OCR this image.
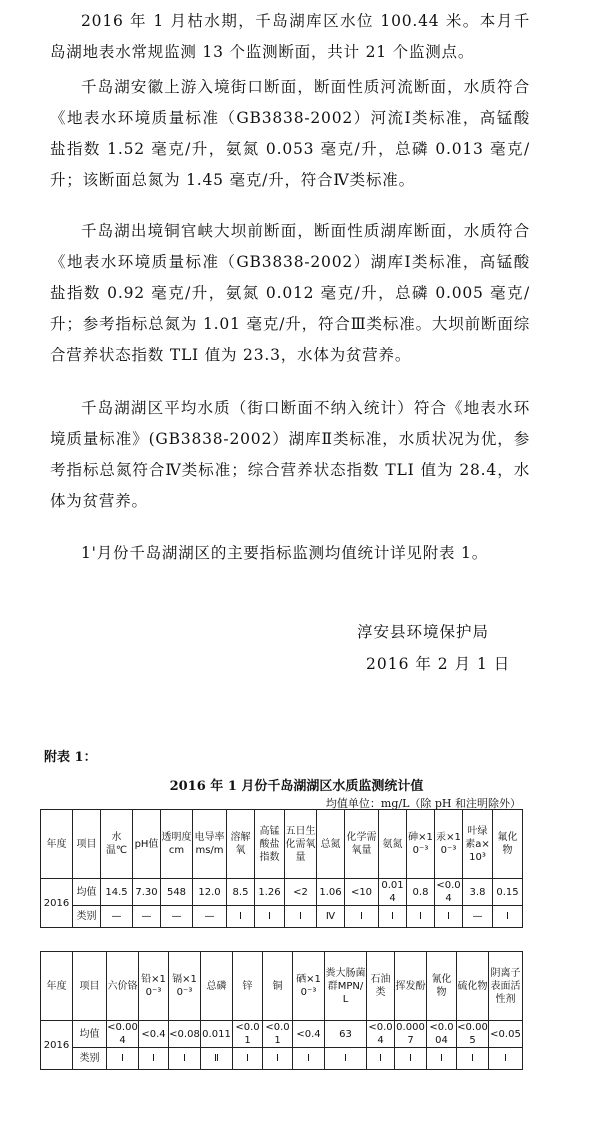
2016 年 1 月枯水期，千岛湖库区水位 100.44 米。本月千岛湖地表水常规监测 13 个监测断面，共计 21 个监测点。

千岛湖安徽上游入境街口断面，断面性质河流断面，水质符合《地表水环境质量标准（GB3838-2002）河流Ⅰ类标准，高锰酸盐指数 1.52 毫克/升，氨氮 0.053 毫克/升，总磷 0.013 毫克/升；该断面总氮为 1.45 毫克/升，符合Ⅳ类标准。

千岛湖出境铜官峡大坝前断面，断面性质湖库断面，水质符合《地表水环境质量标准（GB3838-2002）湖库Ⅰ类标准，高锰酸盐指数 0.92 毫克/升，氨氮 0.012 毫克/升，总磷 0.005 毫克/升；参考指标总氮为 1.01 毫克/升，符合Ⅲ类标准。大坝前断面综合营养状态指数 TLI 值为 23.3，水体为贫营养。

千岛湖湖区平均水质（街口断面不纳入统计）符合《地表水环境质量标准》(GB3838-2002）湖库Ⅱ类标准，水质状况为优，参考指标总氮符合Ⅳ类标准；综合营养状态指数 TLI 值为 28.4，水体为贫营养。

1'月份千岛湖湖区的主要指标监测均值统计详见附表 1。

淳安县环境保护局
2016 年 2 月 1 日
附表 1：
2016 年 1 月份千岛湖湖区水质监测统计值
均值单位：mg/L（除 pH 和注明除外）
年度	项目	水温℃	pH值	透明度cm	电导率ms/m	溶解氧	高锰酸盐指数	五日生化需氧量	总氮	化学需氧量	氨氮	砷×10⁻³	汞×10⁻³	叶绿素a×10³	氟化物
2016	均值	14.5	7.30	548	12.0	8.5	1.26	<2	1.06	<10	0.014	0.8	<0.04	3.8	0.15
	类别	—	—	—	—	Ⅰ	Ⅰ	Ⅰ	Ⅳ	Ⅰ	Ⅰ	Ⅰ	Ⅰ	—	Ⅰ
年度	项目	六价铬	铅×10⁻³	镉×10⁻³	总磷	锌	铜	硒×10⁻³	粪大肠菌群MPN/L	石油类	挥发酚	氰化物	硫化物	阴离子表面活性剂
2016	均值	<0.004	<0.4	<0.08	0.011	<0.01	<0.01	<0.4	63	<0.04	0.0007	<0.004	<0.005	<0.05
	类别	Ⅰ	Ⅰ	Ⅰ	Ⅱ	Ⅰ	Ⅰ	Ⅰ	Ⅰ	Ⅰ	Ⅰ	Ⅰ	Ⅰ	Ⅰ
